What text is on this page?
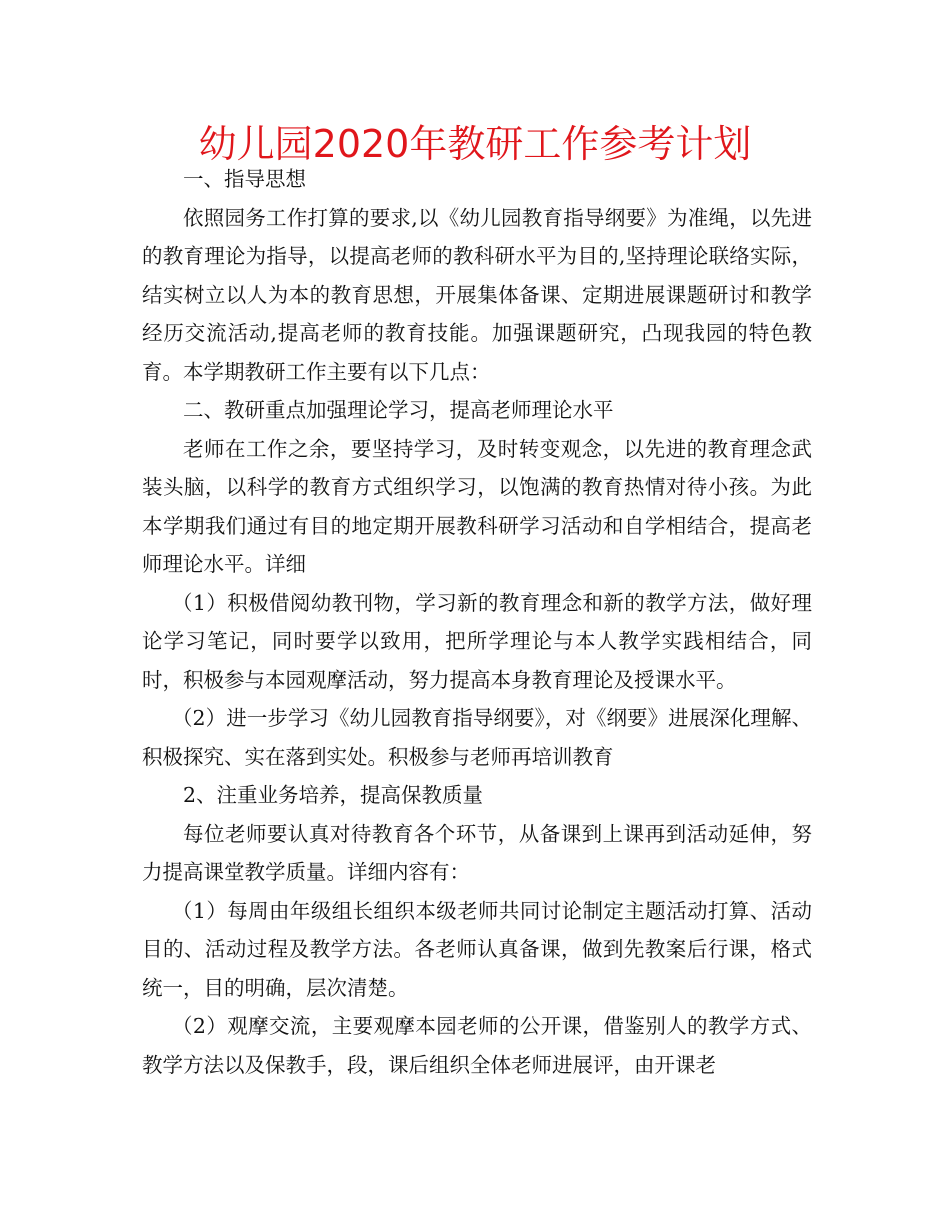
幼儿园2020年教研工作参考计划

一、指导思想

依照园务工作打算的要求,以《幼儿园教育指导纲要》为准绳，以先进的教育理论为指导，以提高老师的教科研水平为目的,坚持理论联络实际，结实树立以人为本的教育思想，开展集体备课、定期进展课题研讨和教学经历交流活动,提高老师的教育技能。加强课题研究，凸现我园的特色教育。本学期教研工作主要有以下几点：

二、教研重点加强理论学习，提高老师理论水平

老师在工作之余，要坚持学习，及时转变观念，以先进的教育理念武装头脑，以科学的教育方式组织学习，以饱满的教育热情对待小孩。为此本学期我们通过有目的地定期开展教科研学习活动和自学相结合，提高老师理论水平。详细

（1）积极借阅幼教刊物，学习新的教育理念和新的教学方法，做好理论学习笔记，同时要学以致用，把所学理论与本人教学实践相结合，同时，积极参与本园观摩活动，努力提高本身教育理论及授课水平。

（2）进一步学习《幼儿园教育指导纲要》，对《纲要》进展深化理解、积极探究、实在落到实处。积极参与老师再培训教育

2、注重业务培养，提高保教质量

每位老师要认真对待教育各个环节，从备课到上课再到活动延伸，努力提高课堂教学质量。详细内容有：

（1）每周由年级组长组织本级老师共同讨论制定主题活动打算、活动目的、活动过程及教学方法。各老师认真备课，做到先教案后行课，格式统一，目的明确，层次清楚。

（2）观摩交流，主要观摩本园老师的公开课，借鉴别人的教学方式、教学方法以及保教手，段，课后组织全体老师进展评，由开课老
